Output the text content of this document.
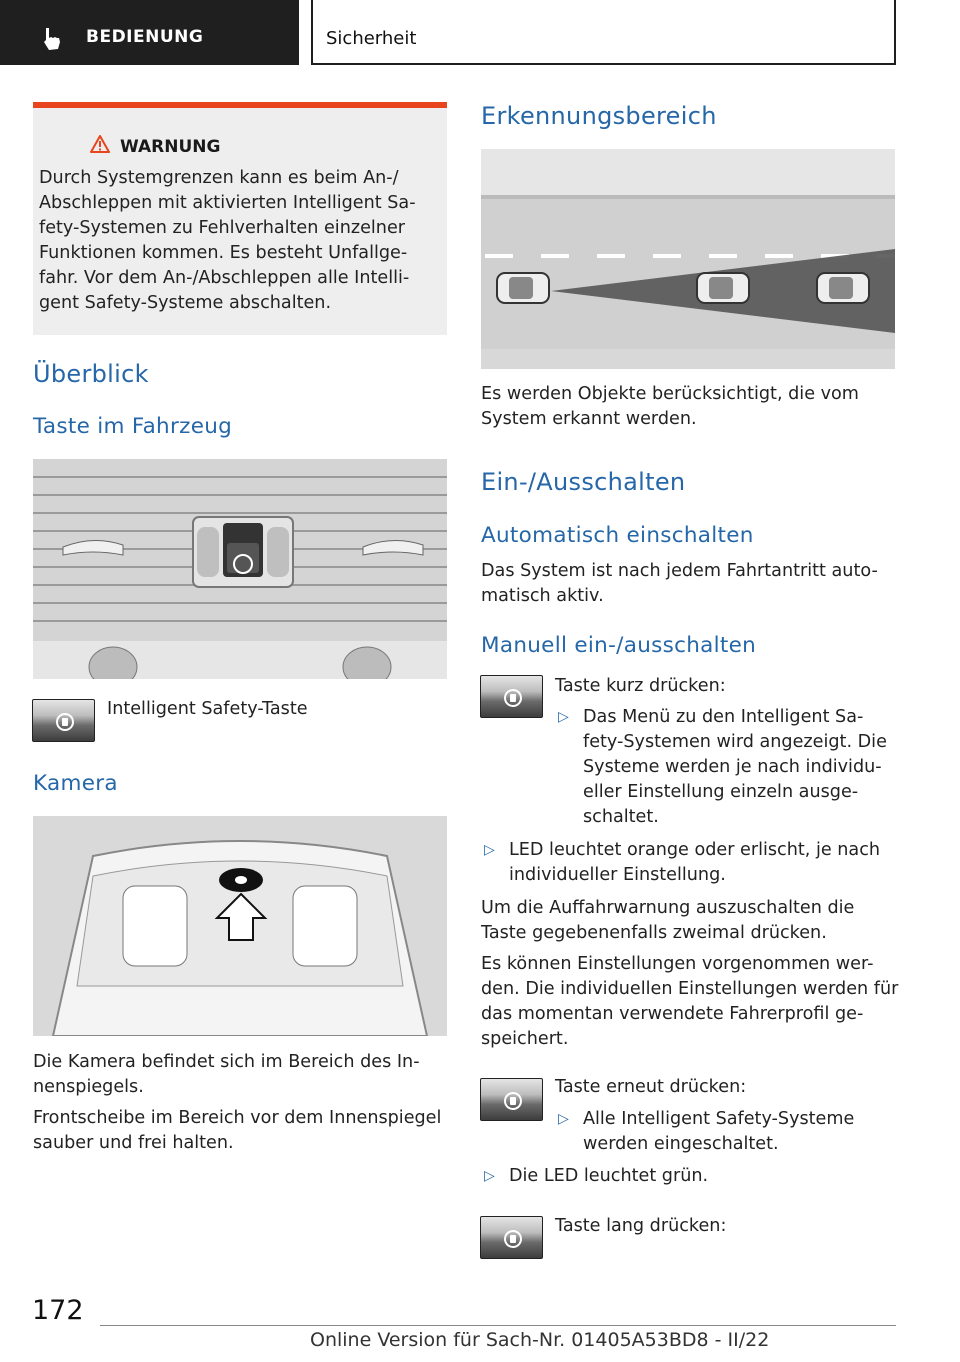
BEDIENUNG	Sicherheit
WARNUNG
Durch Systemgrenzen kann es beim An-/
Abschleppen mit aktivierten Intelligent Sa-
fety-Systemen zu Fehlverhalten einzelner
Funktionen kommen. Es besteht Unfallge-
fahr. Vor dem An-/Abschleppen alle Intelli-
gent Safety-Systeme abschalten.
Überblick
Taste im Fahrzeug
Intelligent Safety-Taste
Kamera
Die Kamera befindet sich im Bereich des In-
nenspiegels.
Frontscheibe im Bereich vor dem Innenspiegel
sauber und frei halten.
Erkennungsbereich
Es werden Objekte berücksichtigt, die vom
System erkannt werden.
Ein-/Ausschalten
Automatisch einschalten
Das System ist nach jedem Fahrtantritt auto-
matisch aktiv.
Manuell ein-/ausschalten
Taste kurz drücken:
▷ Das Menü zu den Intelligent Sa-
fety-Systemen wird angezeigt. Die
Systeme werden je nach individu-
eller Einstellung einzeln ausge-
schaltet.
▷ LED leuchtet orange oder erlischt, je nach
individueller Einstellung.
Um die Auffahrwarnung auszuschalten die
Taste gegebenenfalls zweimal drücken.
Es können Einstellungen vorgenommen wer-
den. Die individuellen Einstellungen werden für
das momentan verwendete Fahrerprofil ge-
speichert.
Taste erneut drücken:
▷ Alle Intelligent Safety-Systeme
werden eingeschaltet.
▷ Die LED leuchtet grün.
Taste lang drücken:
172
Online Version für Sach-Nr. 01405A53BD8 - II/22
